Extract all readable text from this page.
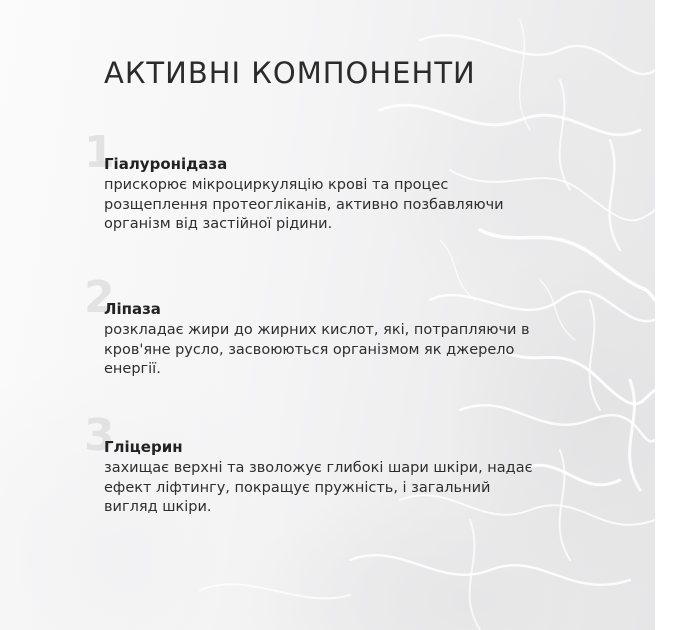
АКТИВНІ КОМПОНЕНТИ
1
Гіалуронідаза
прискорює мікроциркуляцію крові та процес розщеплення протеогліканів, активно позбавляючи організм від застійної рідини.
2
Ліпаза
розкладає жири до жирних кислот, які, потрапляючи в кров'яне русло, засвоюються організмом як джерело енергії.
3
Гліцерин
захищає верхні та зволожує глибокі шари шкіри, надає ефект ліфтингу, покращує пружність, і загальний вигляд шкіри.
